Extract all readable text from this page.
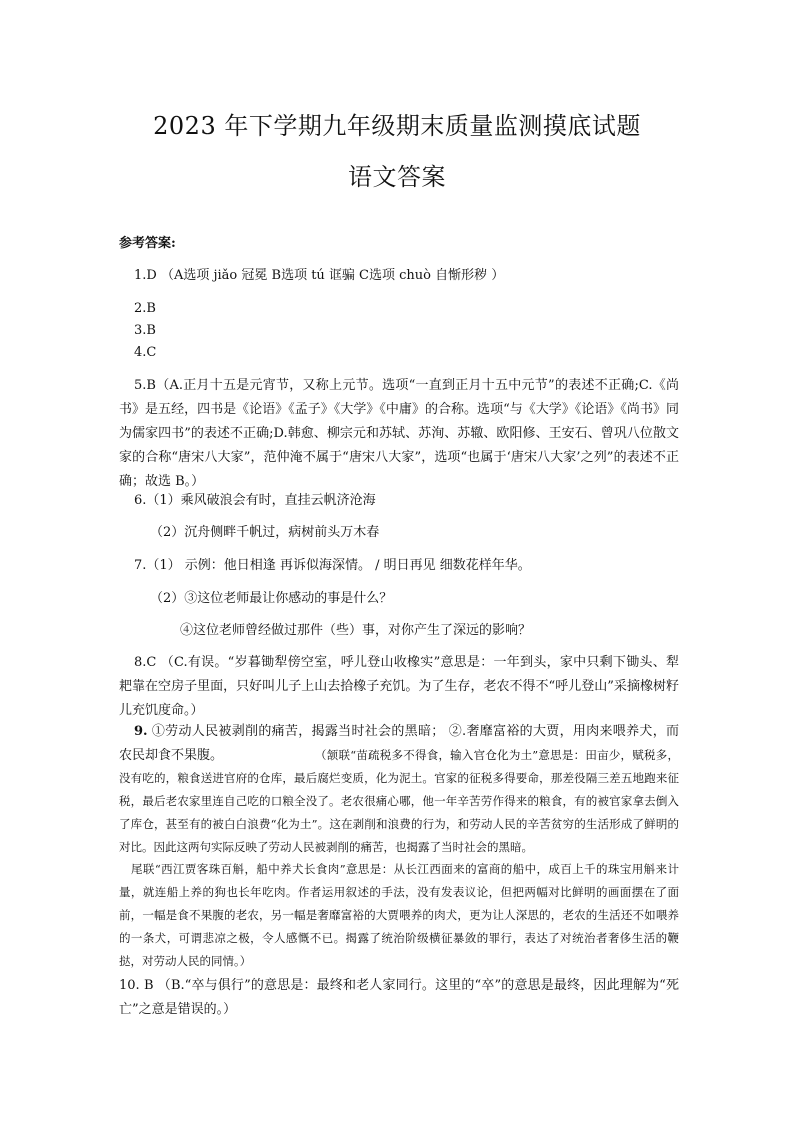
2023 年下学期九年级期末质量监测摸底试题
语文答案
参考答案:
1.D （A选项 jiǎo 冠冕 B选项 tú 诓骗 C选项 chuò 自惭形秽 ）
2.B
3.B
4.C
5.B（A.正月十五是元宵节，又称上元节。选项“一直到正月十五中元节”的表述不正确;C.《尚书》是五经，四书是《论语》《孟子》《大学》《中庸》的合称。选项“与《大学》《论语》《尚书》同为儒家四书”的表述不正确;D.韩愈、柳宗元和苏轼、苏洵、苏辙、欧阳修、王安石、曾巩八位散文家的合称“唐宋八大家”，范仲淹不属于“唐宋八大家”，选项“也属于‘唐宋八大家’之列”的表述不正确；故选 B。）
6.（1）乘风破浪会有时，直挂云帆济沧海
（2）沉舟侧畔千帆过，病树前头万木春
7.（1） 示例：他日相逢 再诉似海深情。 / 明日再见 细数花样年华。
（2）③这位老师最让你感动的事是什么？
④这位老师曾经做过那件（些）事，对你产生了深远的影响？
8.C （C.有误。“岁暮锄犁傍空室，呼儿登山收橡实”意思是：一年到头，家中只剩下锄头、犁耙靠在空房子里面，只好叫儿子上山去拾橡子充饥。为了生存，老农不得不“呼儿登山”采摘橡树籽儿充饥度命。）
9. ①劳动人民被剥削的痛苦，揭露当时社会的黑暗； ②.奢靡富裕的大贾，用肉来喂养犬，而农民却食不果腹。	（颔联“苗疏税多不得食，输入官仓化为土”意思是：田亩少，赋税多，没有吃的，粮食送进官府的仓库，最后腐烂变质，化为泥土。官家的征税多得要命，那差役隔三差五地跑来征税，最后老农家里连自己吃的口粮全没了。老农很痛心哪，他一年辛苦劳作得来的粮食，有的被官家拿去倒入了库仓，甚至有的被白白浪费“化为土”。这在剥削和浪费的行为，和劳动人民的辛苦贫穷的生活形成了鲜明的对比。因此这两句实际反映了劳动人民被剥削的痛苦，也揭露了当时社会的黑暗。
尾联“西江贾客珠百斛，船中养犬长食肉”意思是：从长江西面来的富商的船中，成百上千的珠宝用斛来计量，就连船上养的狗也长年吃肉。作者运用叙述的手法，没有发表议论，但把两幅对比鲜明的画面摆在了面前，一幅是食不果腹的老农，另一幅是奢靡富裕的大贾喂养的肉犬，更为让人深思的，老农的生活还不如喂养的一条犬，可谓悲凉之极，令人感慨不已。揭露了统治阶级横征暴敛的罪行，表达了对统治者奢侈生活的鞭挞，对劳动人民的同情。）
10. B （B.“卒与俱行”的意思是：最终和老人家同行。这里的“卒”的意思是最终，因此理解为“死亡”之意是错误的。）
